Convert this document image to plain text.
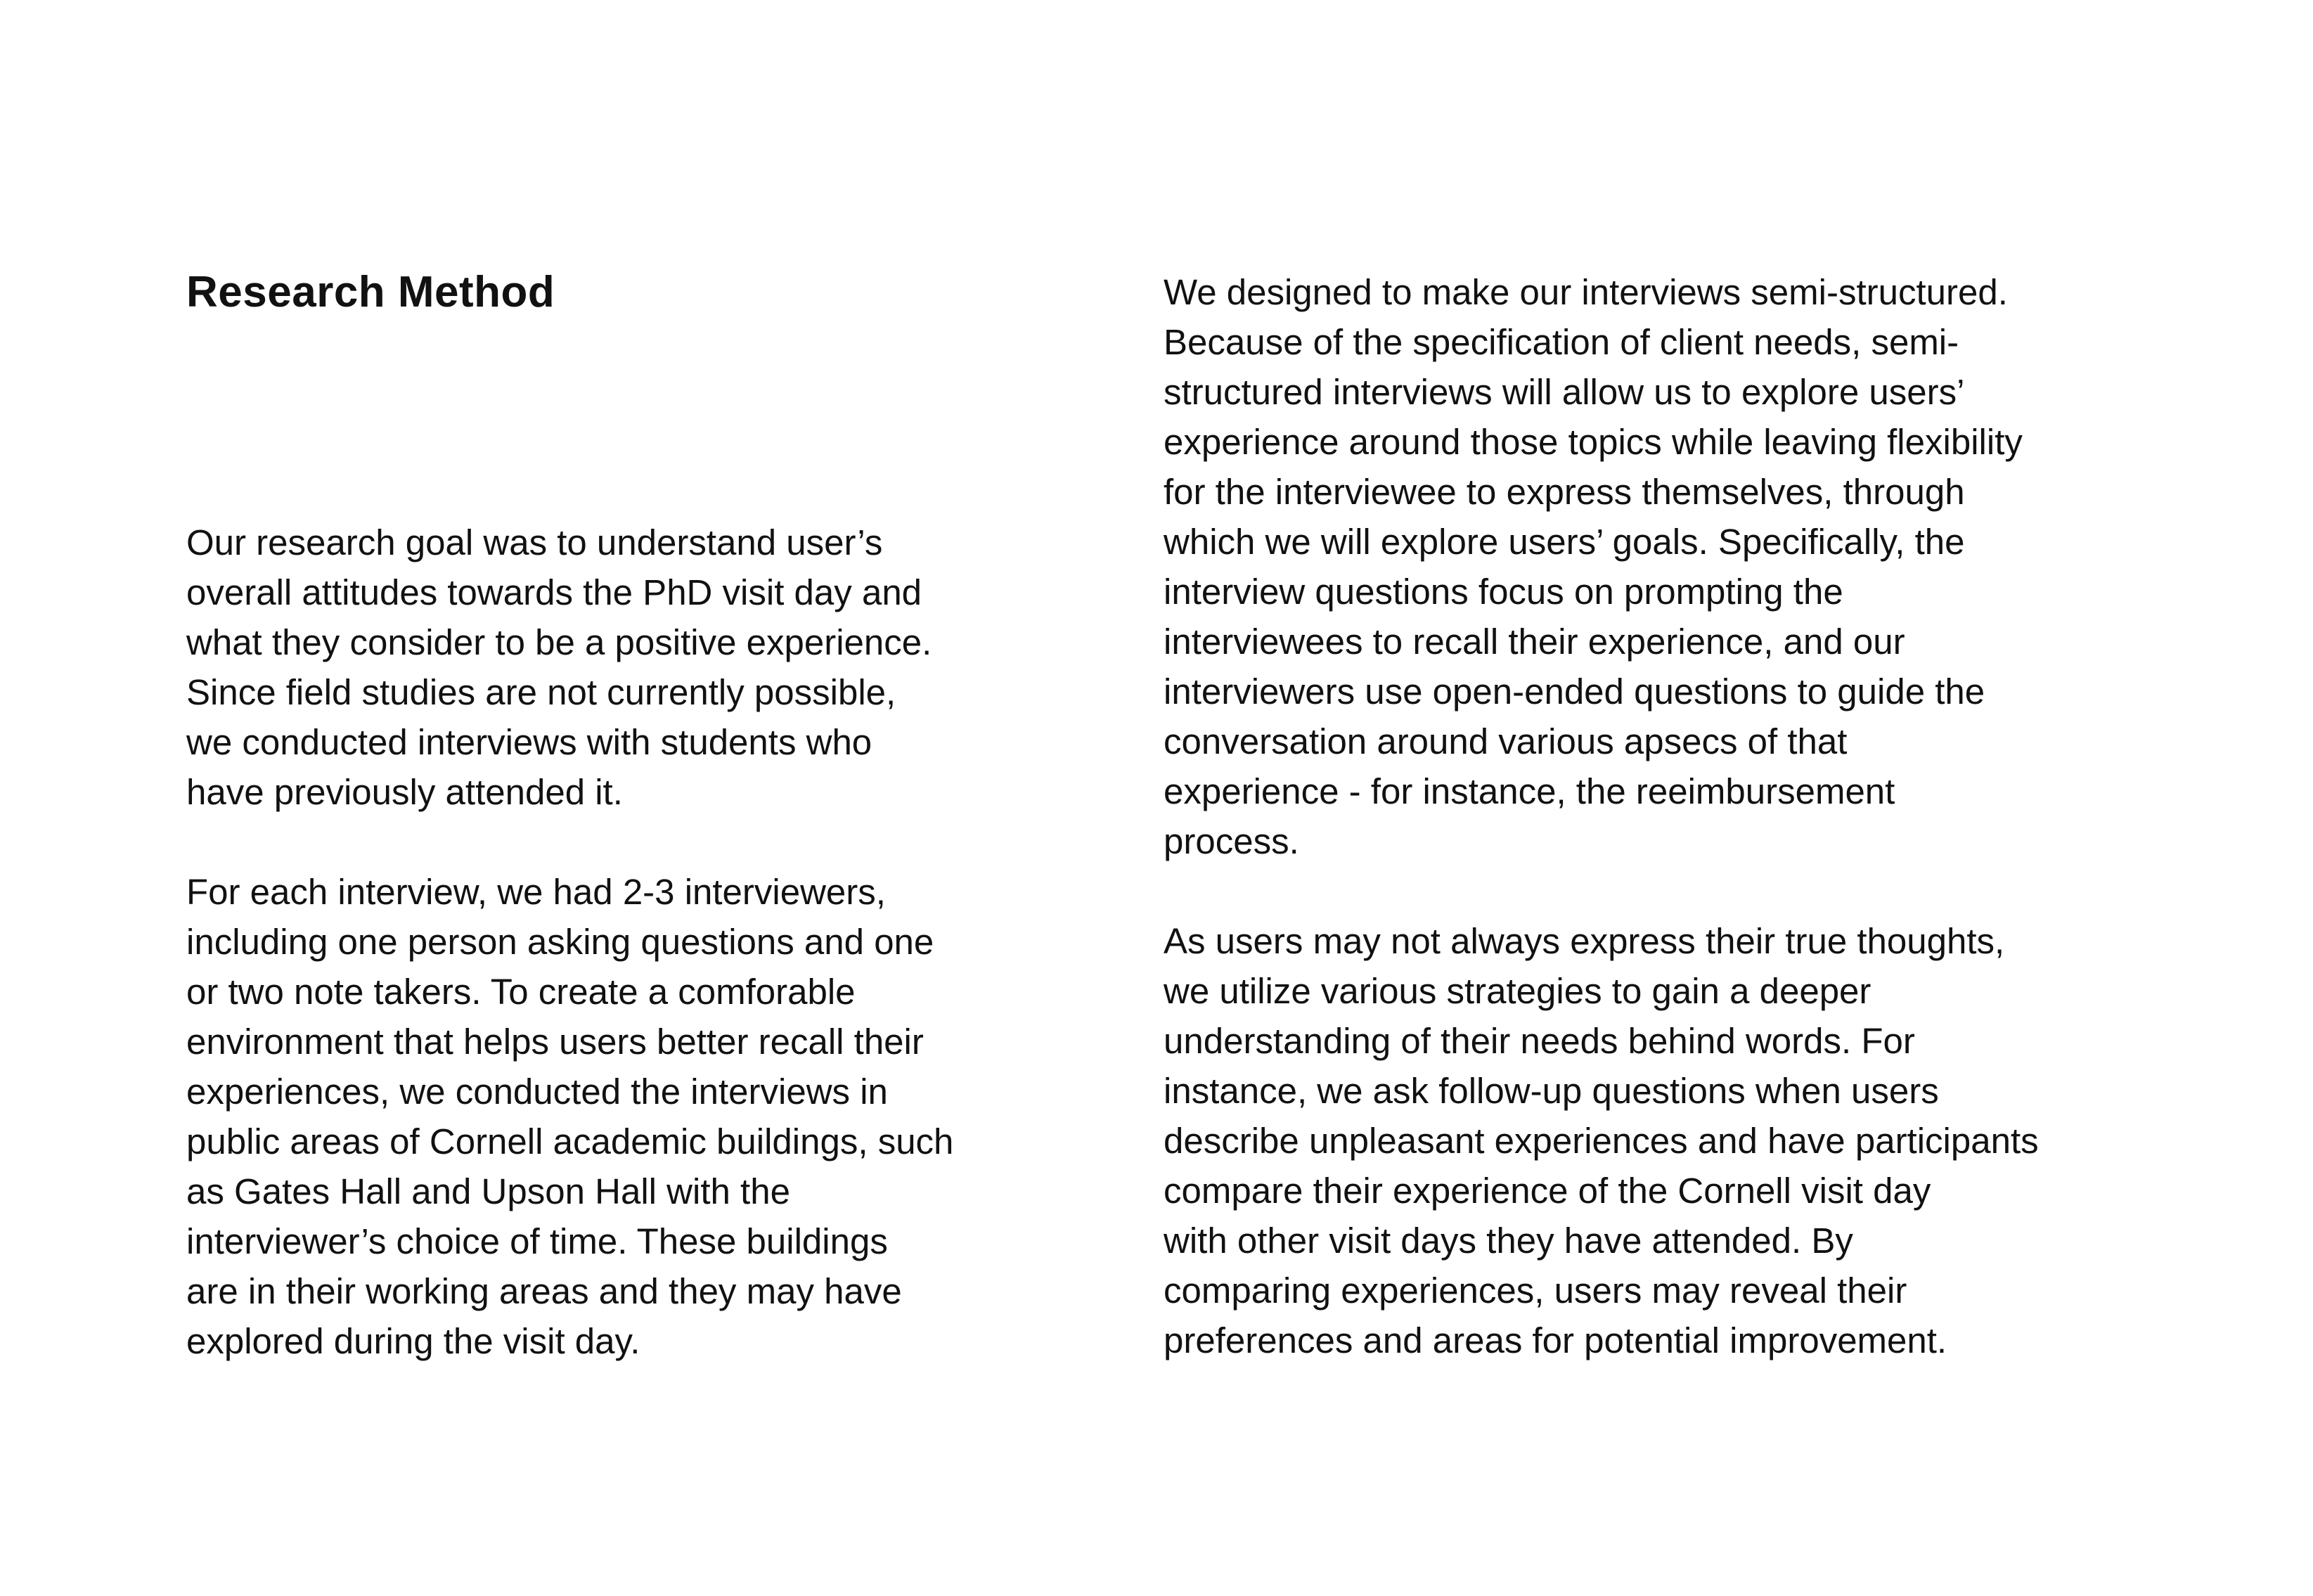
Research Method

Our research goal was to understand user’s
overall attitudes towards the PhD visit day and
what they consider to be a positive experience.
Since field studies are not currently possible,
we conducted interviews with students who
have previously attended it.

For each interview, we had 2-3 interviewers,
including one person asking questions and one
or two note takers. To create a comforable
environment that helps users better recall their
experiences, we conducted the interviews in
public areas of Cornell academic buildings, such
as Gates Hall and Upson Hall with the
interviewer’s choice of time. These buildings
are in their working areas and they may have
explored during the visit day.

We designed to make our interviews semi-structured.
Because of the specification of client needs, semi-
structured interviews will allow us to explore users’
experience around those topics while leaving flexibility
for the interviewee to express themselves, through
which we will explore users’ goals. Specifically, the
interview questions focus on prompting the
interviewees to recall their experience, and our
interviewers use open-ended questions to guide the
conversation around various apsecs of that
experience - for instance, the reeimbursement
process.

As users may not always express their true thoughts,
we utilize various strategies to gain a deeper
understanding of their needs behind words. For
instance, we ask follow-up questions when users
describe unpleasant experiences and have participants
compare their experience of the Cornell visit day
with other visit days they have attended. By
comparing experiences, users may reveal their
preferences and areas for potential improvement.
